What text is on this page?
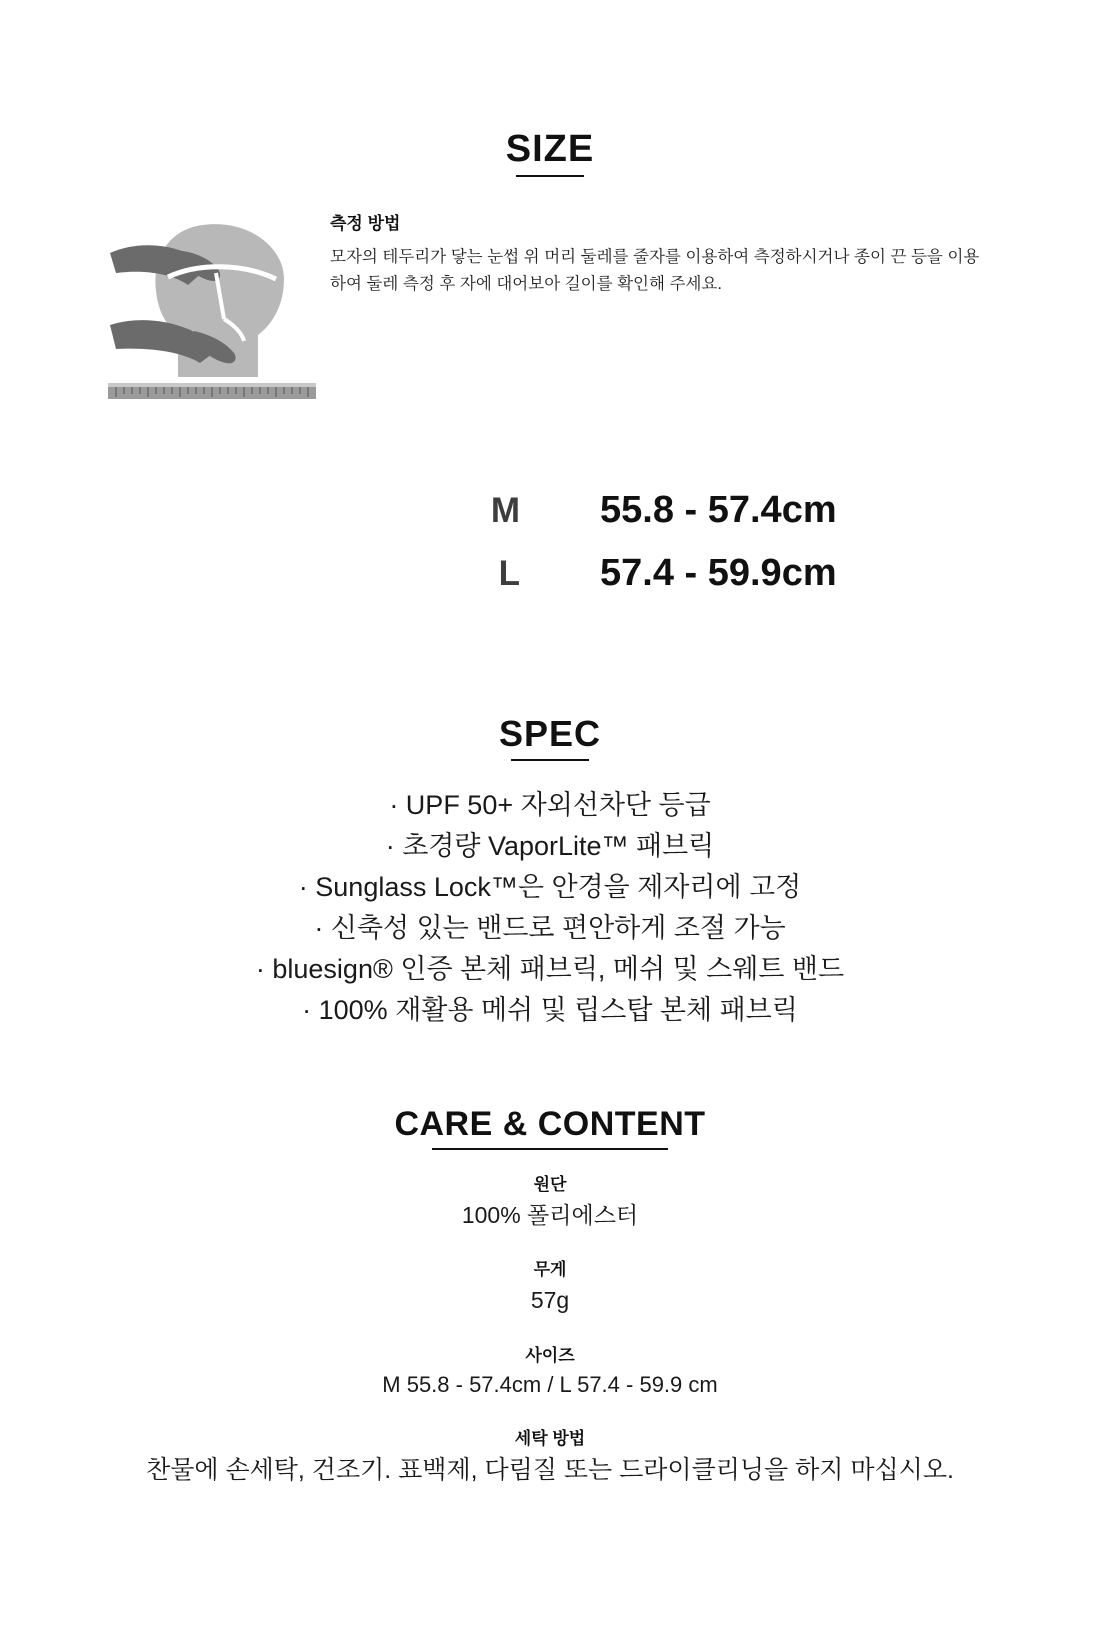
SIZE

측정 방법

모자의 테두리가 닿는 눈썹 위 머리 둘레를 줄자를 이용하여 측정하시거나 종이 끈 등을 이용하여 둘레 측정 후 자에 대어보아 길이를 확인해 주세요.

M	55.8 - 57.4cm
L	57.4 - 59.9cm
SPEC
· UPF 50+ 자외선차단 등급
· 초경량 VaporLite™ 패브릭
· Sunglass Lock™은 안경을 제자리에 고정
· 신축성 있는 밴드로 편안하게 조절 가능
· bluesign® 인증 본체 패브릭, 메쉬 및 스웨트 밴드
· 100% 재활용 메쉬 및 립스탑 본체 패브릭
CARE & CONTENT
원단
100% 폴리에스터
무게
57g
사이즈
M 55.8 - 57.4cm / L 57.4 - 59.9 cm
세탁 방법
찬물에 손세탁, 건조기. 표백제, 다림질 또는 드라이클리닝을 하지 마십시오.
